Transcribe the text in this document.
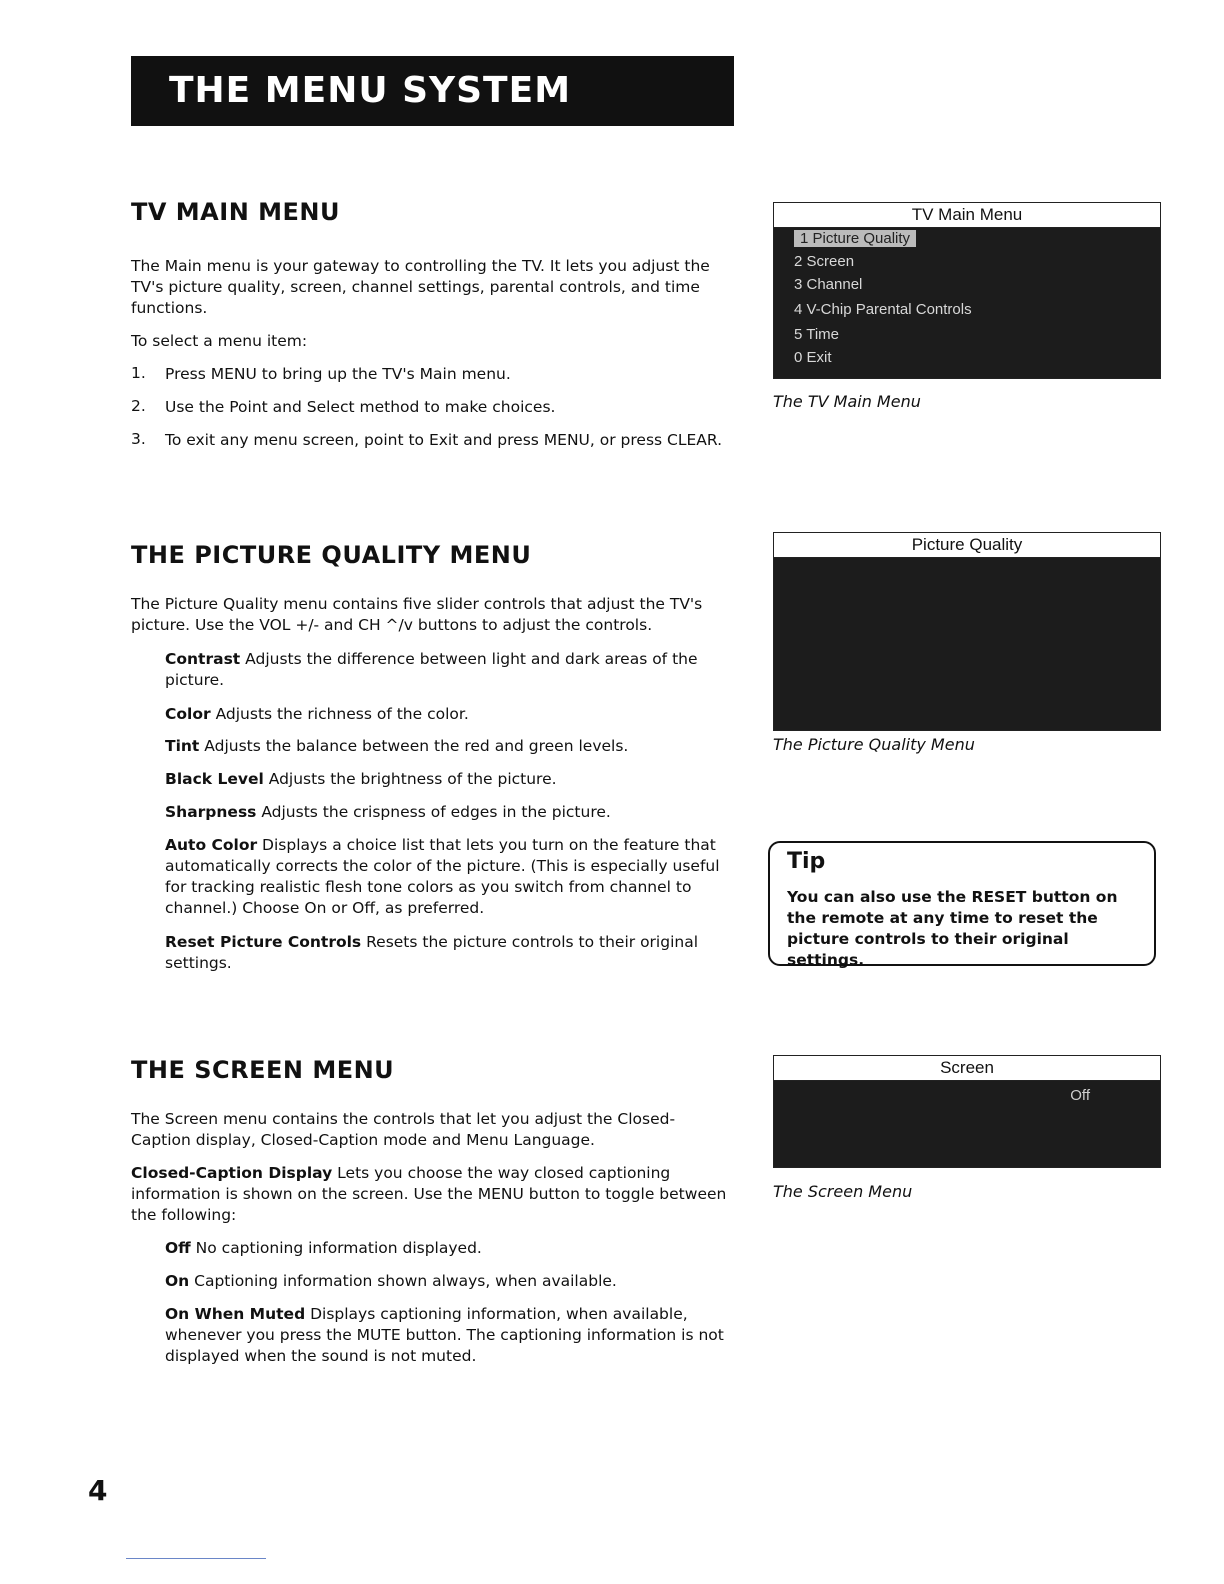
THE MENU SYSTEM
TV MAIN MENU

The Main menu is your gateway to controlling the TV. It lets you adjust the TV's picture quality, screen, channel settings, parental controls, and time functions.

To select a menu item:

1. Press MENU to bring up the TV's Main menu.
2. Use the Point and Select method to make choices.
3. To exit any menu screen, point to Exit and press MENU, or press CLEAR.
TV Main Menu
1 Picture Quality
2 Screen
3 Channel
4 V-Chip Parental Controls
5 Time
0 Exit
The TV Main Menu
THE PICTURE QUALITY MENU

The Picture Quality menu contains five slider controls that adjust the TV's picture. Use the VOL +/- and CH ^/v buttons to adjust the controls.

Contrast Adjusts the difference between light and dark areas of the picture.

Color Adjusts the richness of the color.

Tint Adjusts the balance between the red and green levels.

Black Level Adjusts the brightness of the picture.

Sharpness Adjusts the crispness of edges in the picture.

Auto Color Displays a choice list that lets you turn on the feature that automatically corrects the color of the picture. (This is especially useful for tracking realistic flesh tone colors as you switch from channel to channel.) Choose On or Off, as preferred.

Reset Picture Controls Resets the picture controls to their original settings.

Picture Quality
The Picture Quality Menu
Tip
You can also use the RESET button on the remote at any time to reset the picture controls to their original settings.
THE SCREEN MENU

The Screen menu contains the controls that let you adjust the Closed-Caption display, Closed-Caption mode and Menu Language.

Closed-Caption Display Lets you choose the way closed captioning information is shown on the screen. Use the MENU button to toggle between the following:

Off No captioning information displayed.

On Captioning information shown always, when available.

On When Muted Displays captioning information, when available, whenever you press the MUTE button. The captioning information is not displayed when the sound is not muted.

Screen
Off
The Screen Menu
4
